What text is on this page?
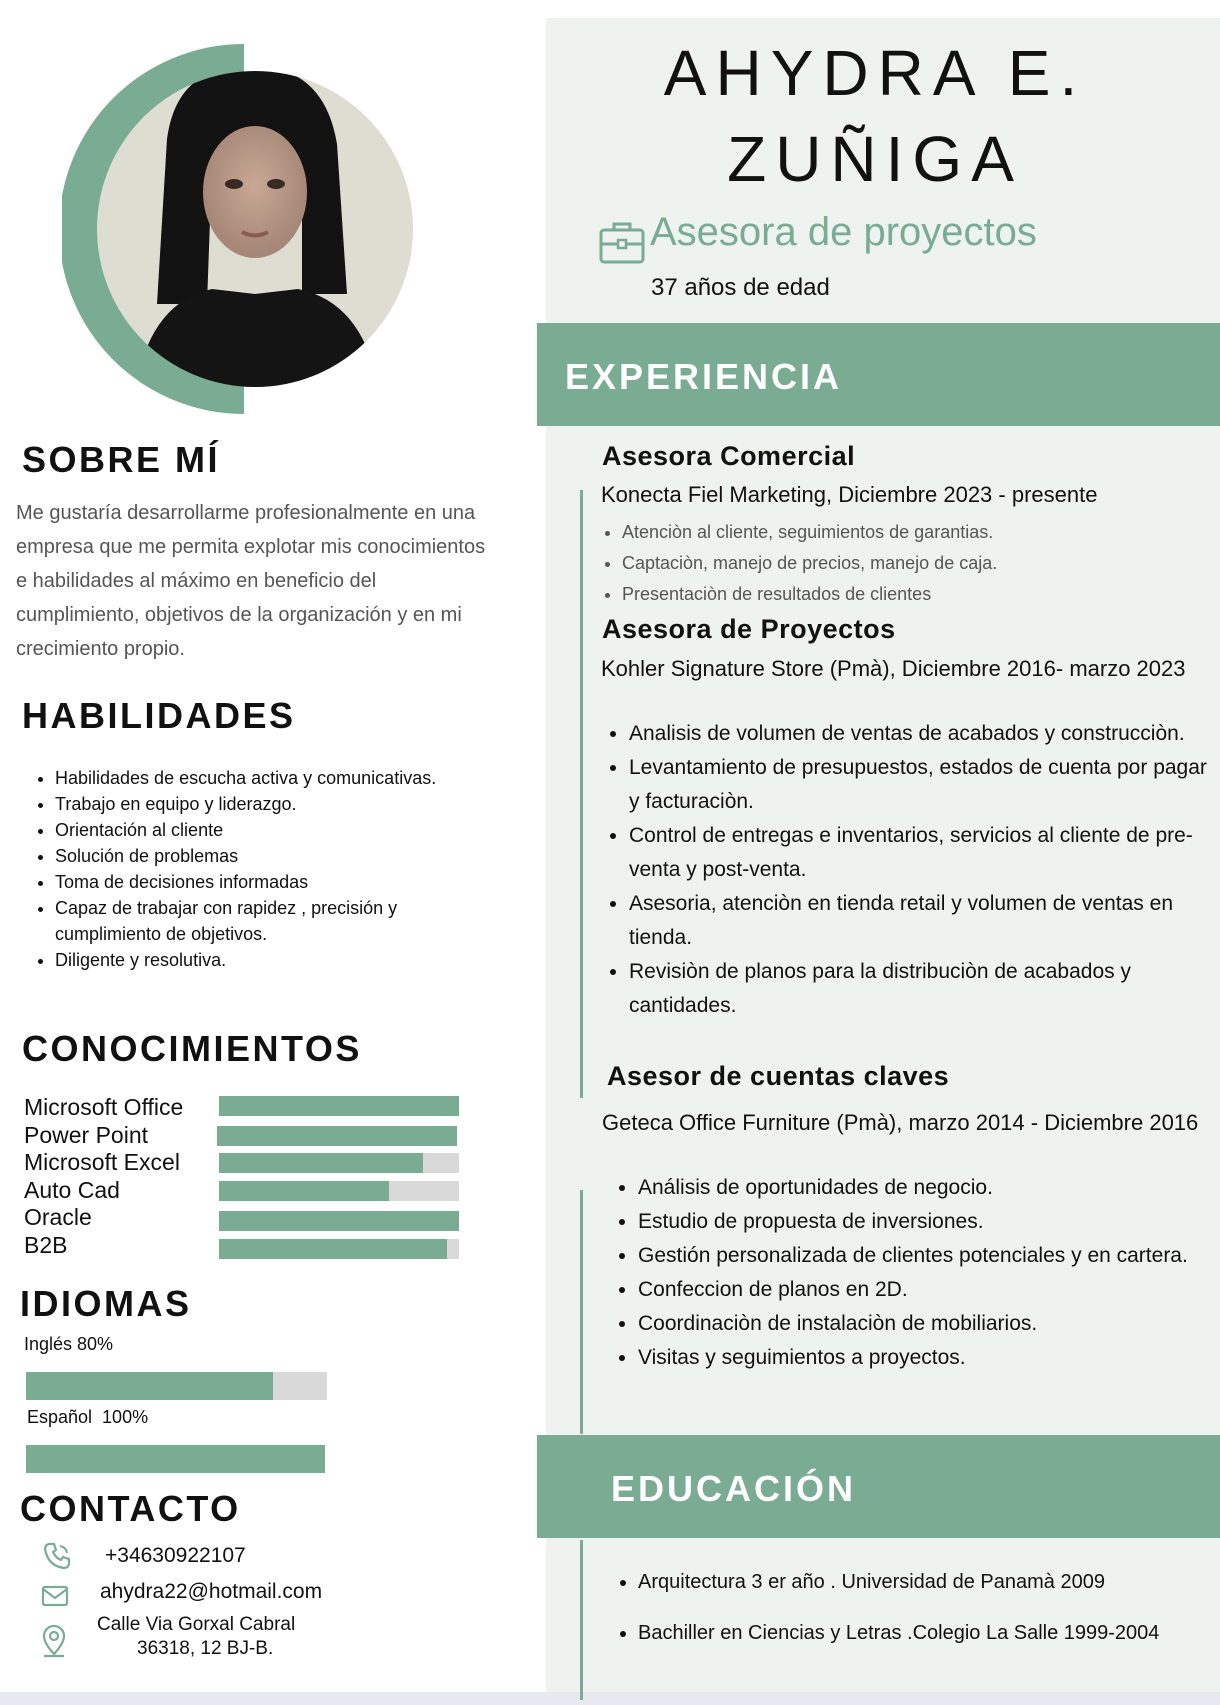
AHYDRA E.
ZUÑIGA
Asesora de proyectos
37 años de edad
EXPERIENCIA
Asesora Comercial
Konecta Fiel Marketing, Diciembre 2023 - presente
• Atenciòn al cliente, seguimientos de garantias.
• Captaciòn, manejo de precios, manejo de caja.
• Presentaciòn de resultados de clientes
Asesora de Proyectos
Kohler Signature Store (Pmà), Diciembre 2016- marzo 2023
• Analisis de volumen de ventas de acabados y construcciòn.
• Levantamiento de presupuestos, estados de cuenta por pagar y facturaciòn.
• Control de entregas e inventarios, servicios al cliente de pre-venta y post-venta.
• Asesoria, atenciòn en tienda retail y volumen de ventas en tienda.
• Revisiòn de planos para la distribuciòn de acabados y cantidades.
Asesor de cuentas claves
Geteca Office Furniture (Pmà), marzo 2014 - Diciembre 2016
• Análisis de oportunidades de negocio.
• Estudio de propuesta de inversiones.
• Gestión personalizada de clientes potenciales y en cartera.
• Confeccion de planos en 2D.
• Coordinaciòn de instalaciòn de mobiliarios.
• Visitas y seguimientos a proyectos.
EDUCACIÓN
• Arquitectura 3 er año . Universidad de Panamà 2009
• Bachiller en Ciencias y Letras .Colegio La Salle 1999-2004
SOBRE MÍ
Me gustaría desarrollarme profesionalmente en una empresa que me permita explotar mis conocimientos e habilidades al máximo en beneficio del cumplimiento, objetivos de la organización y en mi crecimiento propio.
HABILIDADES
• Habilidades de escucha activa y comunicativas.
• Trabajo en equipo y liderazgo.
• Orientación al cliente
• Solución de problemas
• Toma de decisiones informadas
• Capaz de trabajar con rapidez , precisión y cumplimiento de objetivos.
• Diligente y resolutiva.
CONOCIMIENTOS
Microsoft Office
Power Point
Microsoft Excel
Auto Cad
Oracle
B2B
IDIOMAS
Inglés 80%
Español  100%
CONTACTO
+34630922107
ahydra22@hotmail.com
Calle Via Gorxal Cabral
36318, 12 BJ-B.
